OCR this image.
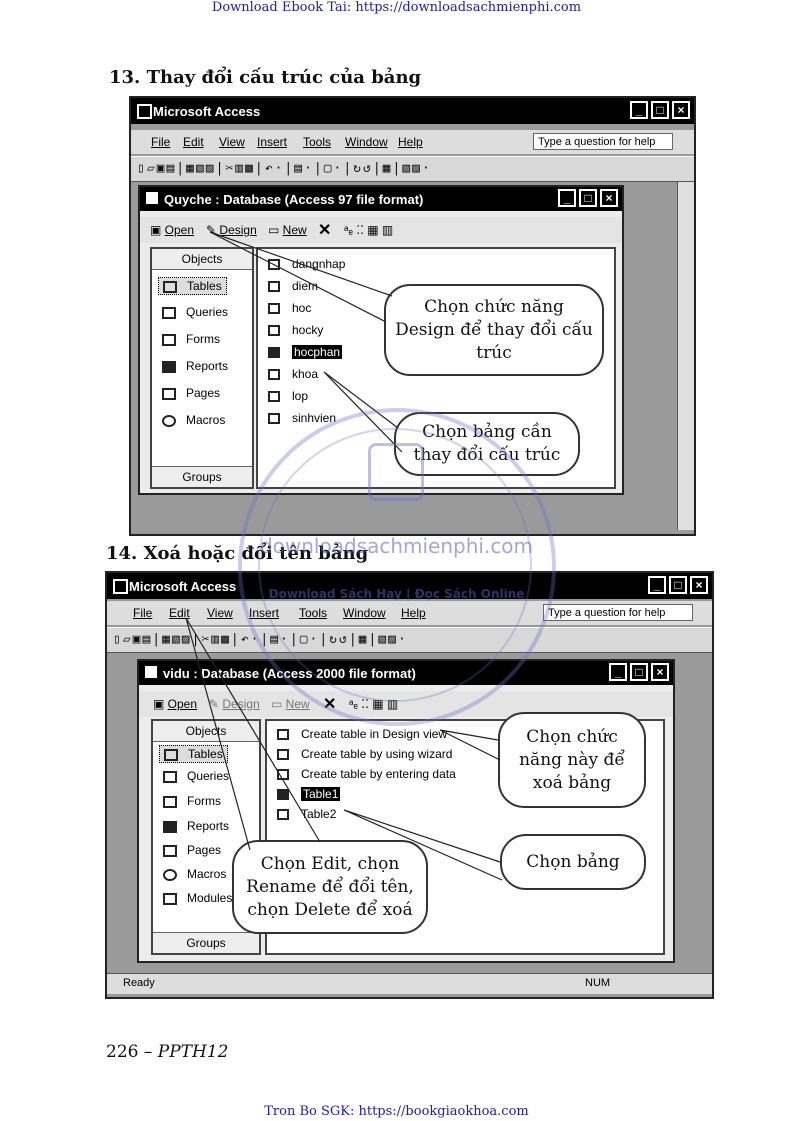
Download Ebook Tai: https://downloadsachmienphi.com
13. Thay đổi cấu trúc của bảng
Microsoft Access	_	□	×
File Edit View Insert Tools Window Help	Type a question for help
▯▱▣▤|▦▧▨|✂▥▩|↶·|▤·|▢·|↻↺|▦|▧▨·
Quyche : Database (Access 97 file format)	_	□	×
▣ Open ✎ Design ▭ New ✕ ᵃₑ ⁚⁚ ▦ ▥
Objects
Tables
Queries
Forms
Reports
Pages
Macros
Groups
dangnhap
diem
hoc
hocky
hocphan
khoa
lop
sinhvien
Chọn chức năng Design để thay đổi cấu trúc
Chọn bảng cần thay đổi cấu trúc
14. Xoá hoặc đổi tên bảng
Microsoft Access	_	□	×
File Edit View Insert Tools Window Help	Type a question for help
▯▱▣▤|▦▧▨|✂▥▩|↶·|▤·|▢·|↻↺|▦|▧▨·
vidu : Database (Access 2000 file format)	_	□	×
▣ Open ✎ Design ▭ New ✕ ᵃₑ ⁚⁚ ▦ ▥
Objects
Tables
Queries
Forms
Reports
Pages
Macros
Modules
Groups
Create table in Design view
Create table by using wizard
Create table by entering data
Table1
Table2
Ready	NUM
Chọn chức năng này để xoá bảng
Chọn bảng
Chọn Edit, chọn Rename để đổi tên, chọn Delete để xoá
downloadsachmienphi.com
Download Sách Hay | Đọc Sách Online
226 – PPTH12
Tron Bo SGK: https://bookgiaokhoa.com
